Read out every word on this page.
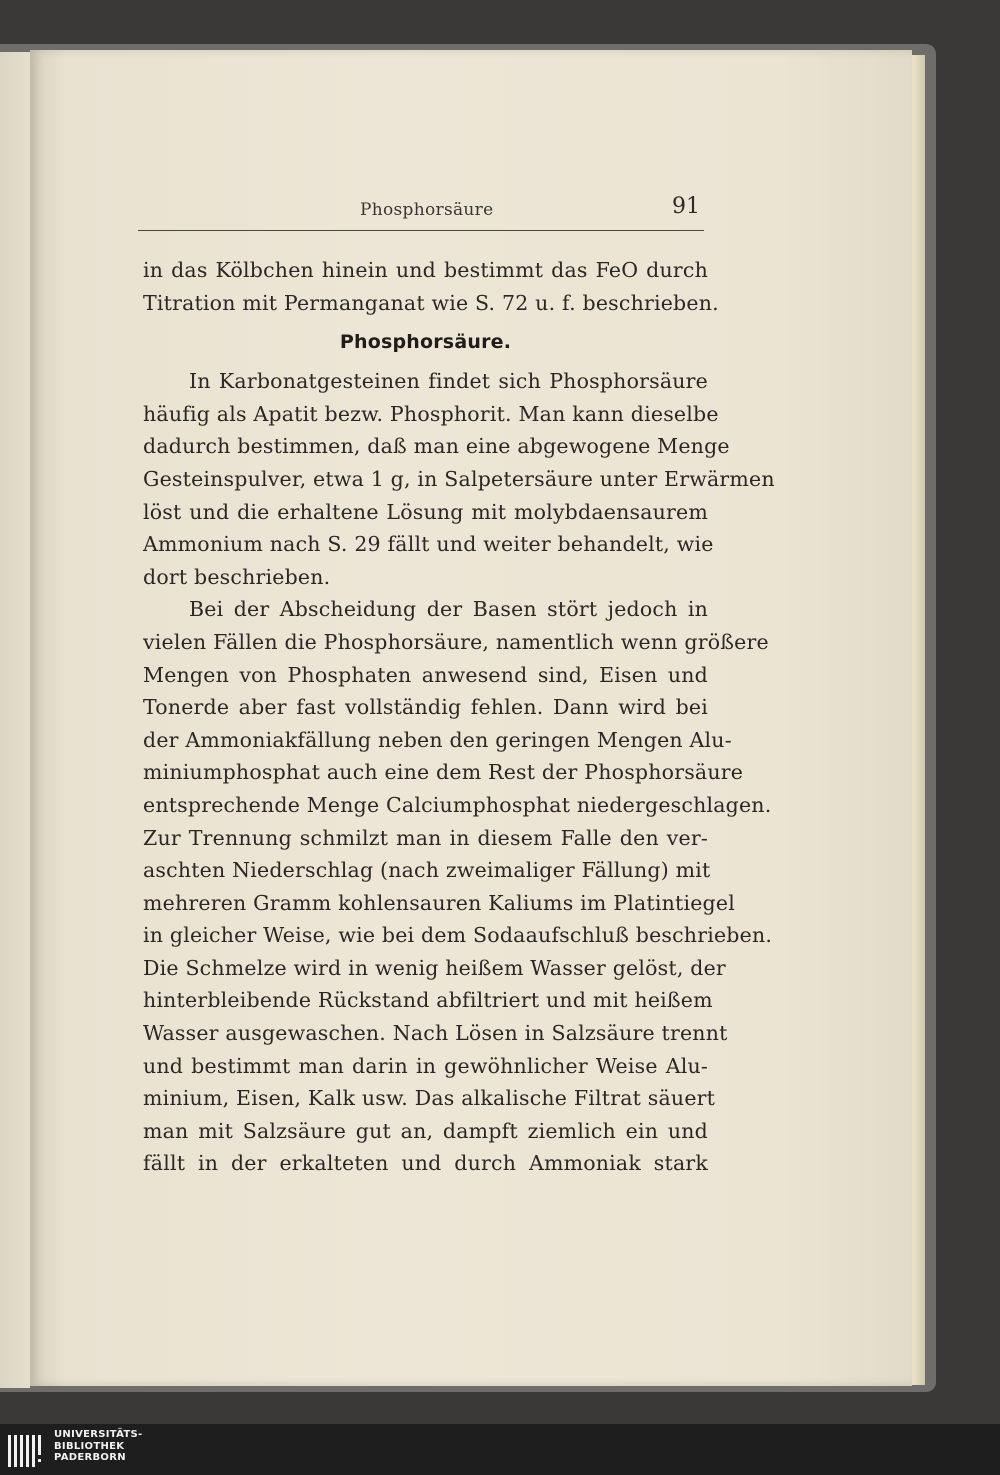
Phosphorsäure	91
in das Kölbchen hinein und bestimmt das FeO durch
Titration mit Permanganat wie S. 72 u. f. beschrieben.
Phosphorsäure.
In Karbonatgesteinen findet sich Phosphorsäure
häufig als Apatit bezw. Phosphorit. Man kann dieselbe
dadurch bestimmen, daß man eine abgewogene Menge
Gesteinspulver, etwa 1 g, in Salpetersäure unter Erwärmen
löst und die erhaltene Lösung mit molybdaensaurem
Ammonium nach S. 29 fällt und weiter behandelt, wie
dort beschrieben.
Bei der Abscheidung der Basen stört jedoch in
vielen Fällen die Phosphorsäure, namentlich wenn größere
Mengen von Phosphaten anwesend sind, Eisen und
Tonerde aber fast vollständig fehlen. Dann wird bei
der Ammoniakfällung neben den geringen Mengen Alu-
miniumphosphat auch eine dem Rest der Phosphorsäure
entsprechende Menge Calciumphosphat niedergeschlagen.
Zur Trennung schmilzt man in diesem Falle den ver-
aschten Niederschlag (nach zweimaliger Fällung) mit
mehreren Gramm kohlensauren Kaliums im Platintiegel
in gleicher Weise, wie bei dem Sodaaufschluß beschrieben.
Die Schmelze wird in wenig heißem Wasser gelöst, der
hinterbleibende Rückstand abfiltriert und mit heißem
Wasser ausgewaschen. Nach Lösen in Salzsäure trennt
und bestimmt man darin in gewöhnlicher Weise Alu-
minium, Eisen, Kalk usw. Das alkalische Filtrat säuert
man mit Salzsäure gut an, dampft ziemlich ein und
fällt in der erkalteten und durch Ammoniak stark
UNIVERSITÄTS-
BIBLIOTHEK
PADERBORN
